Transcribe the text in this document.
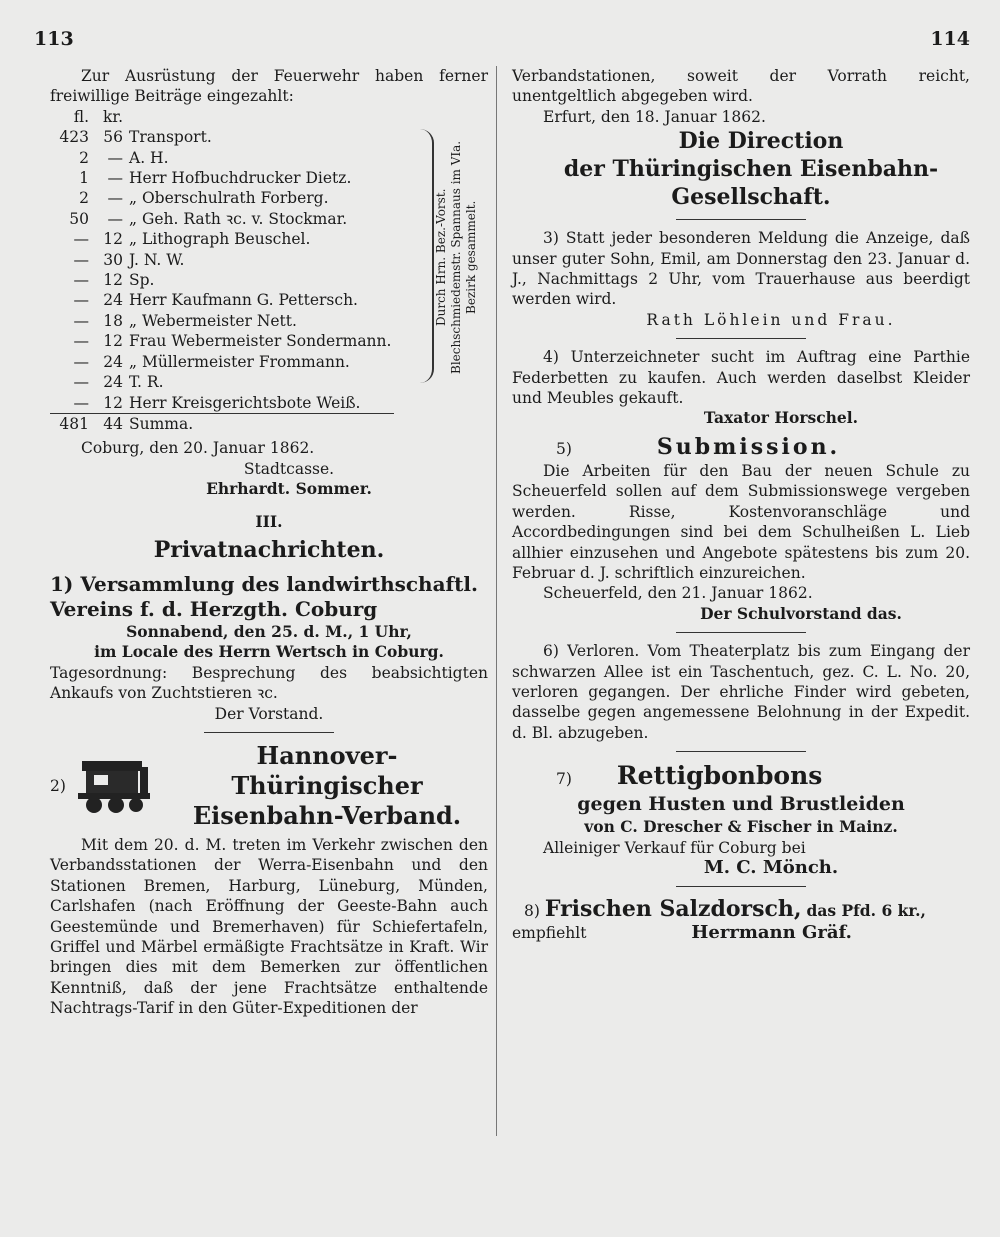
113	114

Zur Ausrüstung der Feuerwehr haben ferner freiwillige Beiträge eingezahlt:

fl.	kr.	
423	56	Transport.
2	—	A. H.
1	—	Herr Hofbuchdrucker Dietz.
2	—	„ Oberschulrath Forberg.
50	—	„ Geh. Rath ꝛc. v. Stockmar.
—	12	„ Lithograph Beuschel.
—	30	J. N. W.
—	12	Sp.
—	24	Herr Kaufmann G. Pettersch.
—	18	„ Webermeister Nett.
—	12	Frau Webermeister Sondermann.
—	24	„ Müllermeister Frommann.
—	24	T. R.
—	12	Herr Kreisgerichtsbote Weiß.
481	44	Summa.
Durch Hrn. Bez.-Vorst. Blechschmiedemstr. Spannaus im VIa. Bezirk gesammelt.

Coburg, den 20. Januar 1862.

Stadtcasse.

Ehrhardt. Sommer.

III.

Privatnachrichten.

1) Versammlung des landwirthschaftl. Vereins f. d. Herzgth. Coburg

Sonnabend, den 25. d. M., 1 Uhr,

im Locale des Herrn Wertsch in Coburg.

Tagesordnung: Besprechung des beabsichtigten Ankaufs von Zuchtstieren ꝛc.

Der Vorstand.

2)
Hannover-Thüringischer Eisenbahn-Verband.

Mit dem 20. d. M. treten im Verkehr zwischen den Verbandsstationen der Werra-Eisenbahn und den Stationen Bremen, Harburg, Lüneburg, Münden, Carlshafen (nach Eröffnung der Geeste-Bahn auch Geestemünde und Bremerhaven) für Schiefertafeln, Griffel und Märbel ermäßigte Frachtsätze in Kraft. Wir bringen dies mit dem Bemerken zur öffentlichen Kenntniß, daß der jene Frachtsätze enthaltende Nachtrags-Tarif in den Güter-Expeditionen der

Verbandstationen, soweit der Vorrath reicht, unentgeltlich abgegeben wird.

Erfurt, den 18. Januar 1862.

Die Direction

der Thüringischen Eisenbahn-Gesellschaft.

3) Statt jeder besonderen Meldung die Anzeige, daß unser guter Sohn, Emil, am Donnerstag den 23. Januar d. J., Nachmittags 2 Uhr, vom Trauerhause aus beerdigt werden wird.

Rath Löhlein und Frau.

4) Unterzeichneter sucht im Auftrag eine Parthie Federbetten zu kaufen. Auch werden daselbst Kleider und Meubles gekauft.

Taxator Horschel.

5)	Submission.

Die Arbeiten für den Bau der neuen Schule zu Scheuerfeld sollen auf dem Submissionswege vergeben werden. Risse, Kostenvoranschläge und Accordbedingungen sind bei dem Schulheißen L. Lieb allhier einzusehen und Angebote spätestens bis zum 20. Februar d. J. schriftlich einzureichen.

Scheuerfeld, den 21. Januar 1862.

Der Schulvorstand das.

6) Verloren. Vom Theaterplatz bis zum Eingang der schwarzen Allee ist ein Taschentuch, gez. C. L. No. 20, verloren gegangen. Der ehrliche Finder wird gebeten, dasselbe gegen angemessene Belohnung in der Expedit. d. Bl. abzugeben.

7) Rettigbonbons

gegen Husten und Brustleiden

von C. Drescher & Fischer in Mainz.

Alleiniger Verkauf für Coburg bei

M. C. Mönch.

8) Frischen Salzdorsch, das Pfd. 6 kr.,

empfiehlt	Herrmann Gräf.
